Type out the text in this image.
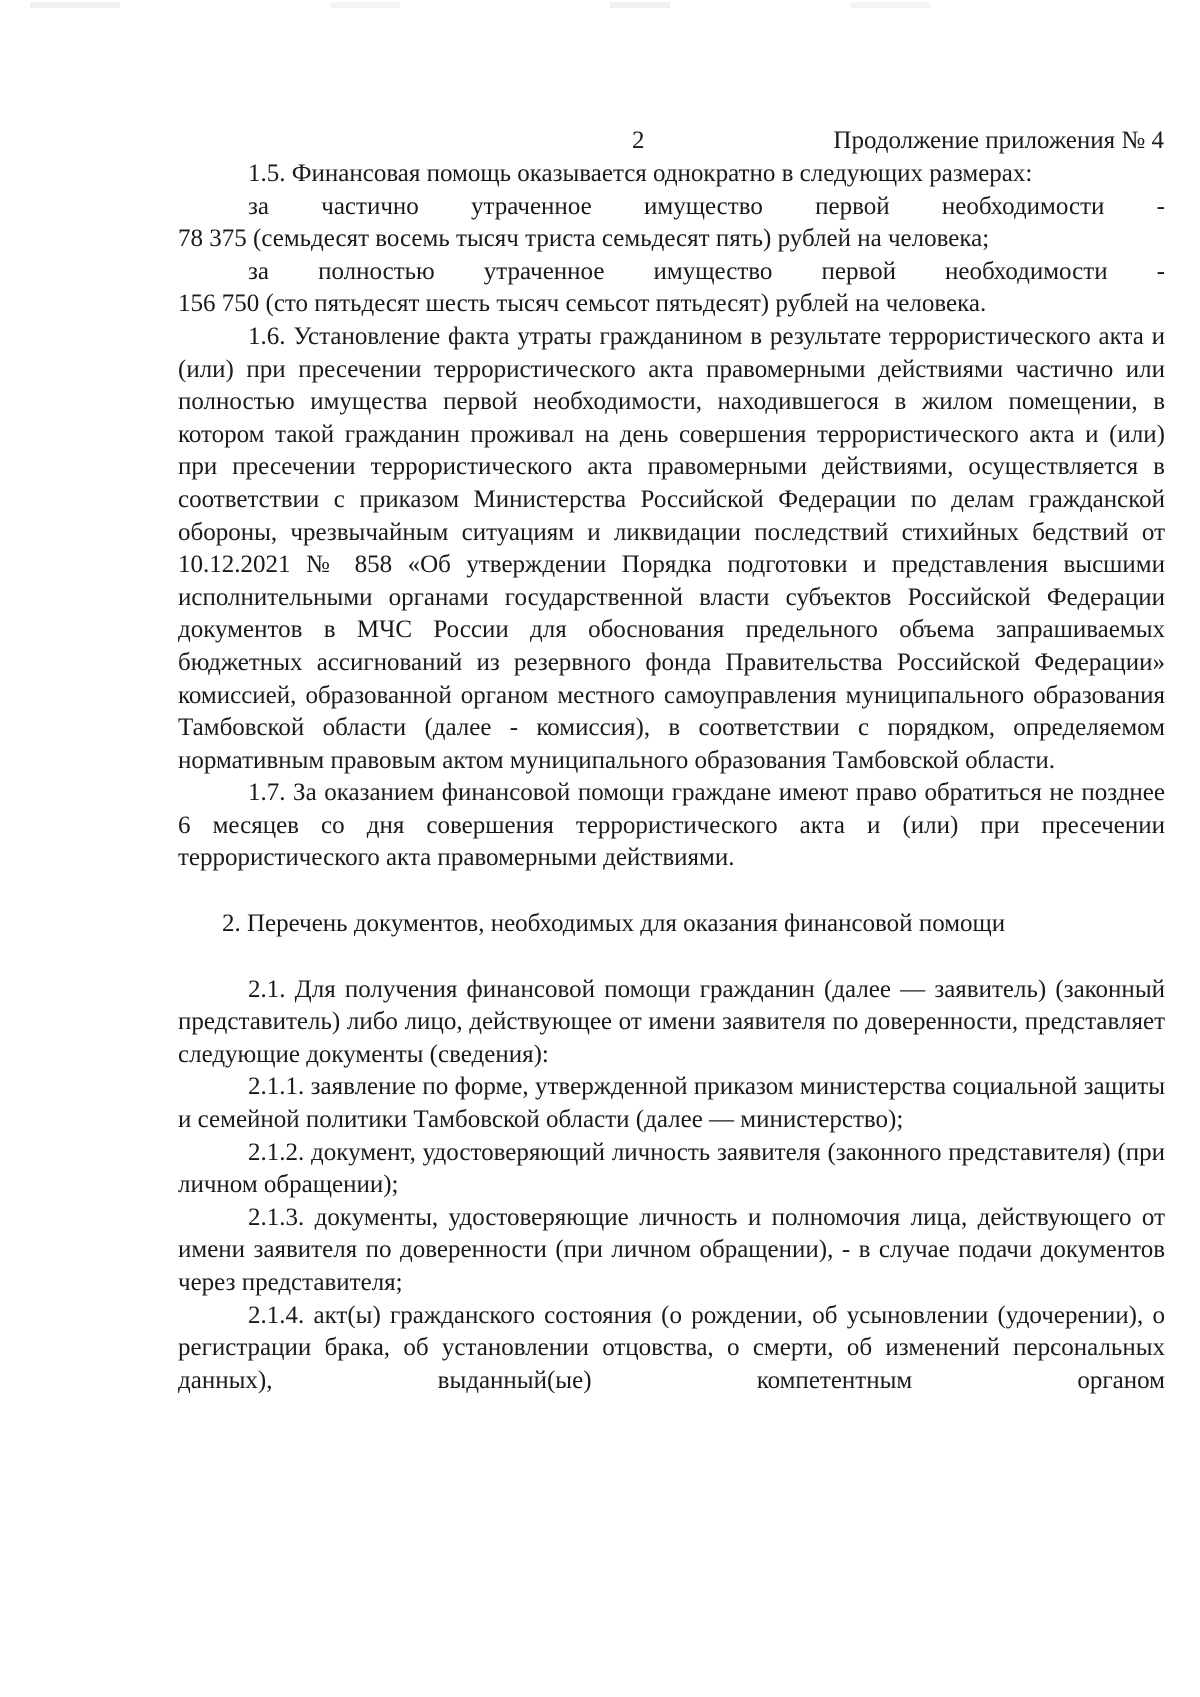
2	Продолжение приложения № 4

1.5. Финансовая помощь оказывается однократно в следующих размерах:

за частично утраченное имущество первой необходимости -

78 375 (семьдесят восемь тысяч триста семьдесят пять) рублей на человека;

за полностью утраченное имущество первой необходимости -

156 750 (сто пятьдесят шесть тысяч семьсот пятьдесят) рублей на человека.

1.6. Установление факта утраты гражданином в результате террористического акта и (или) при пресечении террористического акта правомерными действиями частично или полностью имущества первой необходимости, находившегося в жилом помещении, в котором такой гражданин проживал на день совершения террористического акта и (или) при пресечении террористического акта правомерными действиями, осуществляется в соответствии с приказом Министерства Российской Федерации по делам гражданской обороны, чрезвычайным ситуациям и ликвидации последствий стихийных бедствий от 10.12.2021 № 858 «Об утверждении Порядка подготовки и представления высшими исполнительными органами государственной власти субъектов Российской Федерации документов в МЧС России для обоснования предельного объема запрашиваемых бюджетных ассигнований из резервного фонда Правительства Российской Федерации» комиссией, образованной органом местного самоуправления муниципального образования Тамбовской области (далее - комиссия), в соответствии с порядком, определяемом нормативным правовым актом муниципального образования Тамбовской области.

1.7. За оказанием финансовой помощи граждане имеют право обратиться не позднее 6 месяцев со дня совершения террористического акта и (или) при пресечении террористического акта правомерными действиями.

2. Перечень документов, необходимых для оказания финансовой помощи

2.1. Для получения финансовой помощи гражданин (далее — заявитель) (законный представитель) либо лицо, действующее от имени заявителя по доверенности, представляет следующие документы (сведения):

2.1.1. заявление по форме, утвержденной приказом министерства социальной защиты и семейной политики Тамбовской области (далее — министерство);

2.1.2. документ, удостоверяющий личность заявителя (законного представителя) (при личном обращении);

2.1.3. документы, удостоверяющие личность и полномочия лица, действующего от имени заявителя по доверенности (при личном обращении), - в случае подачи документов через представителя;

2.1.4. акт(ы) гражданского состояния (о рождении, об усыновлении (удочерении), о регистрации брака, об установлении отцовства, о смерти, об изменений персональных данных), выданный(ые) компетентным органом
